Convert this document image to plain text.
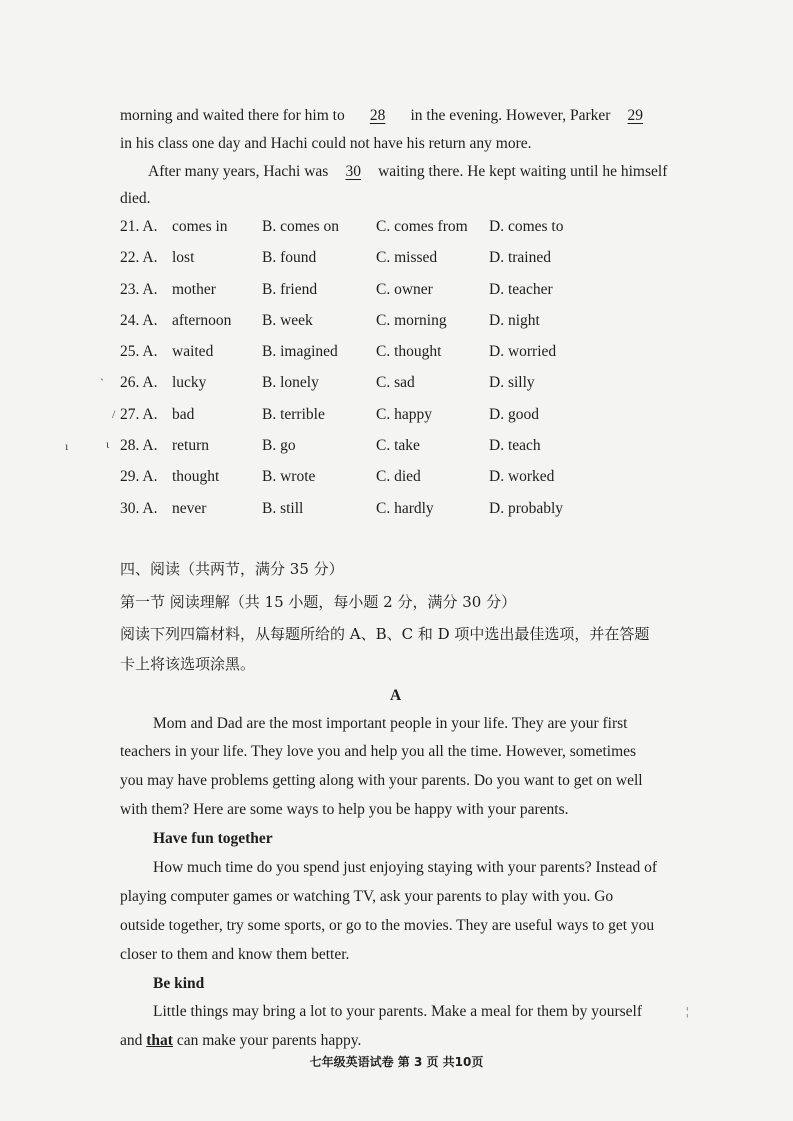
morning and waited there for him to 28 in the evening. However, Parker 29
in his class one day and Hachi could not have his return any more.
After many years, Hachi was 30 waiting there. He kept waiting until he himself
died.
21. A. comes in B. comes on C. comes from D. comes to
22. A. lost	B. found	C. missed	D. trained
23. A. mother	B. friend	C. owner	D. teacher
24. A. afternoon B. week	C. morning	D. night
25. A. waited	B. imagined C. thought	D. worried
26. A. lucky	B. lonely	C. sad	D. silly
27. A. bad	B. terrible	C. happy	D. good
28. A. return	B. go	C. take	D. teach
29. A. thought	B. wrote	C. died	D. worked
30. A. never	B. still	C. hardly	D. probably
四、阅读（共两节，满分 35 分）
第一节 阅读理解（共 15 小题，每小题 2 分，满分 30 分）
阅读下列四篇材料，从每题所给的 A、B、C 和 D 项中选出最佳选项，并在答题
卡上将该选项涂黑。
A
Mom and Dad are the most important people in your life. They are your first
teachers in your life. They love you and help you all the time. However, sometimes
you may have problems getting along with your parents. Do you want to get on well
with them? Here are some ways to help you be happy with your parents.
Have fun together
How much time do you spend just enjoying staying with your parents? Instead of
playing computer games or watching TV, ask your parents to play with you. Go
outside together, try some sports, or go to the movies. They are useful ways to get you
closer to them and know them better.
Be kind
Little things may bring a lot to your parents. Make a meal for them by yourself
and that can make your parents happy.
七年级英语试卷 第 3 页 共10页
ˋ
/
ı	ɩ
¦
